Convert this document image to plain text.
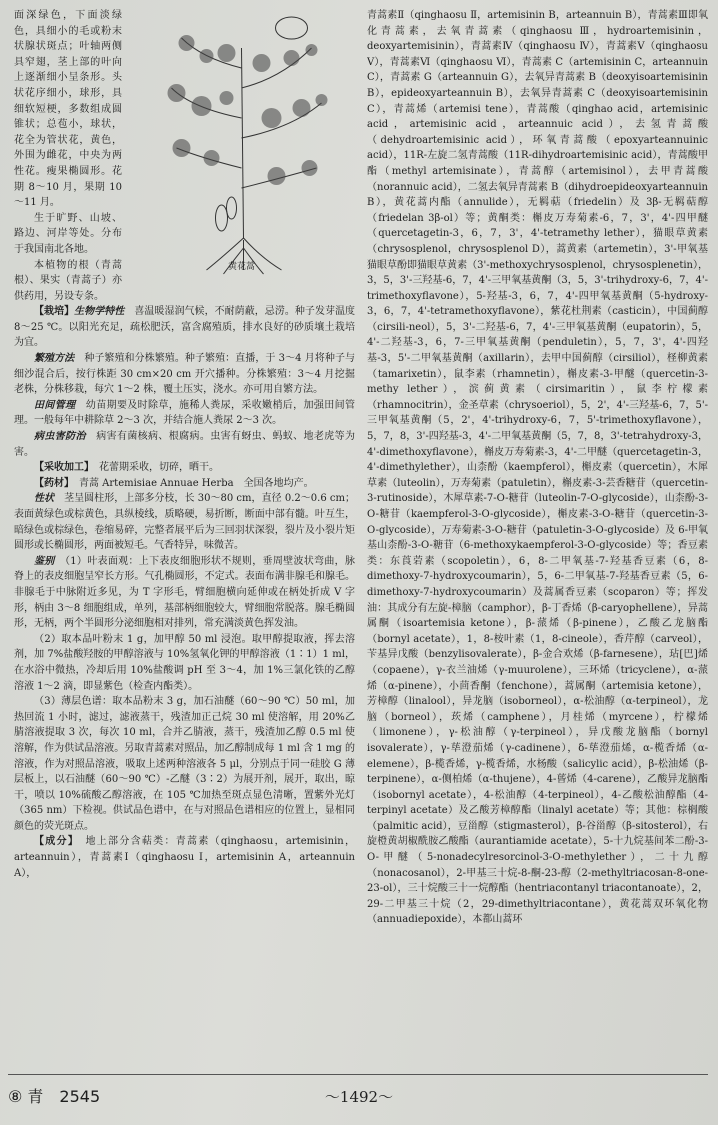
面深绿色，下面淡绿色，具细小的毛或粉末状腺状斑点；叶轴两侧具窄翅，茎上部的叶向上逐渐细小呈条形。头状花序细小，球形，具细软短梗，多数组成圆锥状；总苞小，球状，花全为管状花，黄色，外围为雌花，中央为两性花。瘦果椭圆形。花期 8～10 月，果期 10～11 月。

生于旷野、山坡、路边、河岸等处。分布于我国南北各地。

本植物的根（青蒿根）、果实（青蒿子）亦供药用，另设专条。

黄花蒿

【栽培】生物学特性　 喜温暖湿润气候，不耐荫蔽，忌涝。种子发芽温度 8～25 ℃。以阳光充足，疏松肥沃，富含腐殖质，排水良好的砂质壤土栽培为宜。

繁殖方法　 种子繁殖和分株繁殖。种子繁殖：直播，于 3～4 月将种子与细沙混合后，按行株距 30 cm×20 cm 开穴播种。分株繁殖：3～4 月挖掘老株，分株移栽，每穴 1～2 株，覆土压实，浇水。亦可用自繁方法。

田间管理　 幼苗期要及时除草，施稀人粪尿，采收嫩梢后，加强田间管理。一般每年中耕除草 2～3 次，并结合施人粪尿 2～3 次。

病虫害防治　 病害有菌核病、根腐病。虫害有蚜虫、蚂蚁、地老虎等为害。

【采收加工】　 花蕾期采收，切碎，晒干。

【药材】　 青蒿 Artemisiae Annuae Herba　全国各地均产。

性状　 茎呈圆柱形，上部多分枝，长 30～80 cm，直径 0.2～0.6 cm；表面黄绿色或棕黄色，具纵棱线，质略硬，易折断，断面中部有髓。叶互生，暗绿色或棕绿色，卷缩易碎，完整者展平后为三回羽状深裂，裂片及小裂片矩圆形或长椭圆形，两面被短毛。气香特异，味微苦。

鉴别　 （1）叶表面观：上下表皮细胞形状不规则，垂周壁波状弯曲，脉脊上的表皮细胞呈窄长方形。气孔椭圆形，不定式。表面布满非腺毛和腺毛。非腺毛于中脉附近多见，为 T 字形毛，臂细胞横向延伸或在柄处折成 V 字形，柄由 3～8 细胞组成，单列，基部柄细胞较大，臂细胞常脱落。腺毛椭圆形，无柄，两个半圆形分泌细胞相对排列，常充满淡黄色挥发油。

（2）取本品叶粉末 1 g，加甲醇 50 ml 浸泡。取甲醇提取液，挥去溶剂，加 7%盐酸羟胺的甲醇溶液与 10%氢氧化钾的甲醇溶液（1∶1）1 ml，在水浴中微热，冷却后用 10%盐酸调 pH 至 3～4，加 1%三氯化铁的乙醇溶液 1～2 滴，即显紫色（检查内酯类）。

（3）薄层色谱：取本品粉末 3 g，加石油醚（60～90 ℃）50 ml，加热回流 1 小时，滤过，滤液蒸干，残渣加正己烷 30 ml 使溶解，用 20%乙腈溶液提取 3 次，每次 10 ml，合并乙腈液，蒸干，残渣加乙醇 0.5 ml 使溶解，作为供试品溶液。另取青蒿素对照品，加乙醇制成每 1 ml 含 1 mg 的溶液，作为对照品溶液，吸取上述两种溶液各 5 μl，分别点于同一硅胶 G 薄层板上，以石油醚（60～90 ℃）-乙醚（3∶2）为展开剂，展开，取出，晾干，喷以 10%硫酸乙醇溶液，在 105 ℃加热至斑点显色清晰，置紫外光灯（365 nm）下检视。供试品色谱中，在与对照品色谱相应的位置上，显相同颜色的荧光斑点。

【成分】　 地上部分含萜类：青蒿素（qinghaosu，artemisinin，arteannuin），青蒿素Ⅰ（qinghaosu Ⅰ，artemisinin A，arteannuin A），

青蒿素Ⅱ（qinghaosu Ⅱ，artemisinin B，arteannuin B），青蒿素Ⅲ即氧化青蒿素，去氧青蒿素（qinghaosu Ⅲ，hydroartemisinin，deoxyartemisinin），青蒿素Ⅳ（qinghaosu Ⅳ），青蒿素Ⅴ（qinghaosu Ⅴ），青蒿素Ⅵ（qinghaosu Ⅵ），青蒿素 C（artemisinin C，arteannuin C），青蒿素 G（arteannuin G），去氧异青蒿素 B（deoxyisoartemisinin B），epideoxyarteannuin B），去氧异青蒿素 C（deoxyisoartemisinin C），青蒿烯（artemisi tene），青蒿酸（qinghao acid，artemisinic acid，artemisinic acid，arteannuic acid），去氢青蒿酸（dehydroartemisinic acid），环氧青蒿酸（epoxyarteannuinic acid），11R-左旋二氢青蒿酸（11R-dihydroartemisinic acid），青蒿酸甲酯（methyl artemisinate），青蒿醇（artemisinol），去甲青蒿酸（norannuic acid），二氢去氧异青蒿素 B（dihydroepideoxyarteannuin B），黄花蒿内酯（annulide），无羁萜（friedelin）及 3β-无羁萜醇（friedelan 3β-ol）等；黄酮类：槲皮万寿菊素-6，7，3'，4'-四甲醚（quercetagetin-3，6，7，3'，4'-tetramethy lether），猫眼草黄素（chrysosplenol，chrysosplenol D），蒿黄素（artemetin），3'-甲氧基猫眼草酚即猫眼草黄素（3'-methoxychrysosplenol，chrysosplenetin），3，5，3'-三羟基-6，7，4'-三甲氧基黄酮（3，5，3'-trihydroxy-6，7，4'-trimethoxyflavone），5-羟基-3，6，7，4'-四甲氧基黄酮（5-hydroxy-3，6，7，4'-tetramethoxyflavone），紫花杜荆素（casticin），中国蓟醇（cirsili-neol），5，3'-二羟基-6，7，4'-三甲氧基黄酮（eupatorin），5，4'-二羟基-3，6，7-三甲氧基黄酮（penduletin），5，7，3'，4'-四羟基-3，5'-二甲氧基黄酮（axillarin），去甲中国蓟醇（cirsiliol），柽柳黄素（tamarixetin），鼠李素（rhamnetin），槲皮素-3-甲醚（quercetin-3-methy lether），滨蓟黄素（cirsimaritin），鼠李柠檬素（rhamnocitrin），金圣草素（chrysoeriol），5，2'，4'-三羟基-6，7，5'-三甲氧基黄酮（5，2'，4'-trihydroxy-6，7，5'-trimethoxyflavone），5，7，8，3'-四羟基-3，4'-二甲氧基黄酮（5，7，8，3'-tetrahydroxy-3，4'-dimethoxyflavone），槲皮万寿菊素-3，4'-二甲醚（quercetagetin-3，4'-dimethylether），山柰酚（kaempferol），槲皮素（quercetin），木犀草素（luteolin），万寿菊素（patuletin），槲皮素-3-芸香糖苷（quercetin-3-rutinoside），木犀草素-7-O-糖苷（luteolin-7-O-glycoside），山柰酚-3-O-糖苷（kaempferol-3-O-glycoside），槲皮素-3-O-糖苷（quercetin-3-O-glycoside），万寿菊素-3-O-糖苷（patuletin-3-O-glycoside）及 6-甲氧基山柰酚-3-O-糖苷（6-methoxykaempferol-3-O-glycoside）等；香豆素类：东莨菪素（scopoletin），6，8-二甲氧基-7-羟基香豆素（6，8-dimethoxy-7-hydroxycoumarin），5，6-二甲氧基-7-羟基香豆素（5，6-dimethoxy-7-hydroxycoumarin）及蒿属香豆素（scoparon）等；挥发油：其成分有左旋-樟脑（camphor），β-丁香烯（β-caryophellene），异蒿属酮（isoartemisia ketone），β-蒎烯（β-pinene），乙酸乙龙脑酯（bornyl acetate），1，8-桉叶素（1，8-cineole），香芹醇（carveol），苄基异戊酸（benzylisovalerate），β-金合欢烯（β-farnesene），玷[巴]烯（copaene），γ-衣兰油烯（γ-muurolene），三环烯（tricyclene），α-蒎烯（α-pinene），小茴香酮（fenchone），蒿属酮（artemisia ketone），芳樟醇（linalool），异龙脑（isoborneol），α-松油醇（α-terpineol），龙脑（borneol），莰烯（camphene），月桂烯（myrcene），柠檬烯（limonene），γ-松油醇（γ-terpineol），异戊酸龙脑酯（bornyl isovalerate），γ-荜澄茄烯（γ-cadinene），δ-荜澄茄烯，α-榄香烯（α-elemene），β-榄香烯，γ-榄香烯，水杨酸（salicylic acid），β-松油烯（β-terpinene），α-侧柏烯（α-thujene），4-蒈烯（4-carene），乙酸异龙脑酯（isobornyl acetate），4-松油醇（4-terpineol），4-乙酸松油醇酯（4-terpinyl acetate）及乙酸芳樟醇酯（linalyl acetate）等；其他：棕榈酸（palmitic acid），豆甾醇（stigmasterol），β-谷甾醇（β-sitosterol），右旋橙黄胡椒酰胺乙酸酯（aurantiamide acetate），5-十九烷基间苯二酚-3-O-甲醚（5-nonadecylresorcinol-3-O-methylether），二十九醇（nonacosanol），2-甲基三十烷-8-酮-23-醇（2-methyltriacosan-8-one-23-ol），三十烷酸三十一烷醇酯（hentriacontanyl triacontanoate），2，29-二甲基三十烷（2，29-dimethyltriacontane），黄花蒿双环氧化物（annuadiepoxide），本都山蒿环

⑧ 青　2545	～1492～
